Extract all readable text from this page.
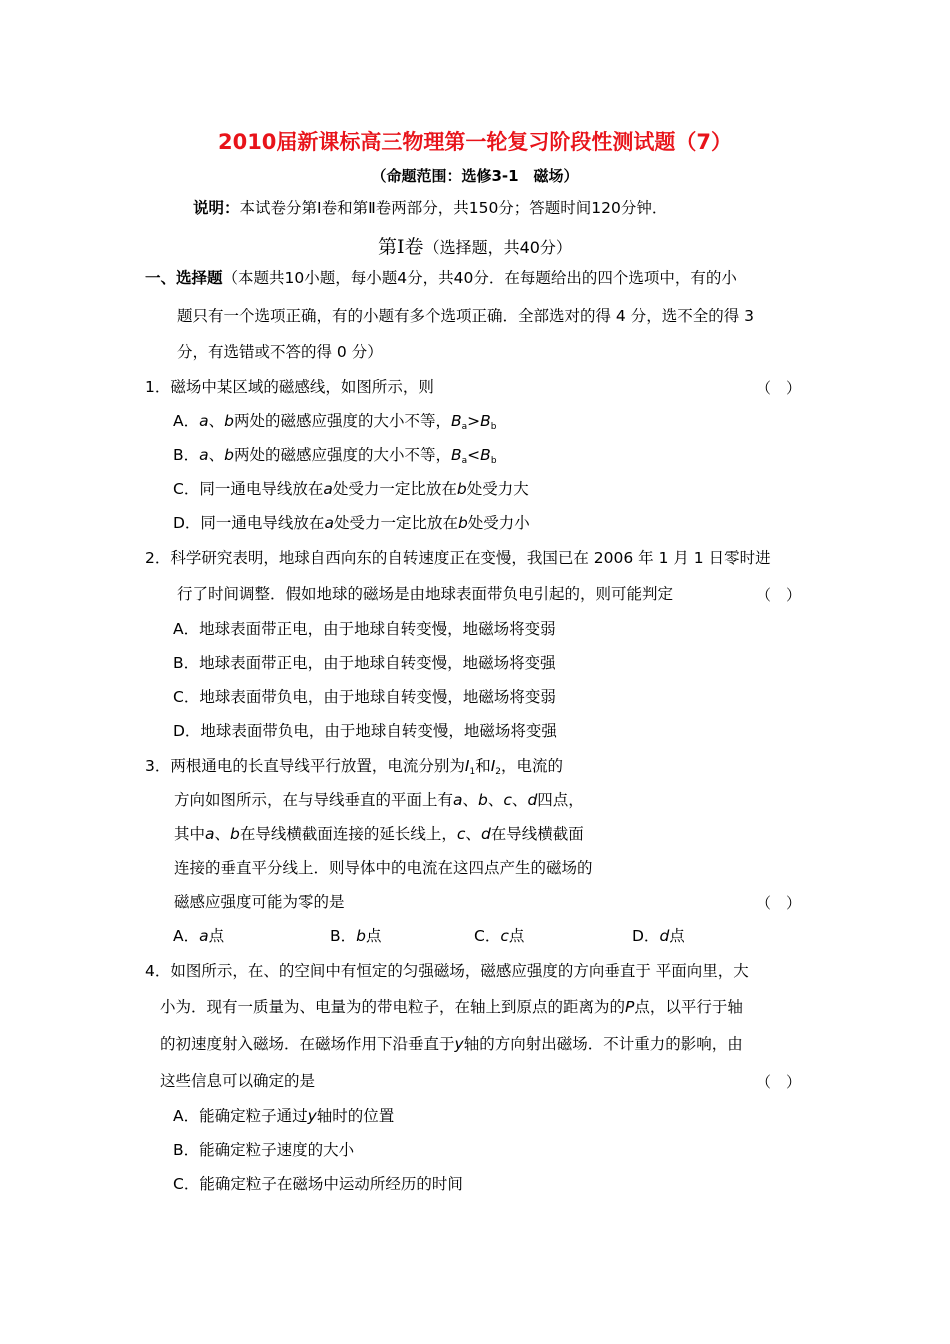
2010届新课标高三物理第一轮复习阶段性测试题（7）
（命题范围：选修3-1　磁场）
说明：本试卷分第Ⅰ卷和第Ⅱ卷两部分，共150分；答题时间120分钟．
第Ⅰ卷（选择题，共40分）
一、选择题（本题共10小题，每小题4分，共40分．在每题给出的四个选项中，有的小
题只有一个选项正确，有的小题有多个选项正确．全部选对的得 4 分，选不全的得 3
分，有选错或不答的得 0 分）
1．磁场中某区域的磁感线，如图所示，则	（　）
A．a、b两处的磁感应强度的大小不等，$B_a>B_b$
B．a、b两处的磁感应强度的大小不等，$B_a<B_b$
C．同一通电导线放在a处受力一定比放在b处受力大
D．同一通电导线放在a处受力一定比放在b处受力小
2．科学研究表明，地球自西向东的自转速度正在变慢，我国已在 2006 年 1 月 1 日零时进
行了时间调整．假如地球的磁场是由地球表面带负电引起的，则可能判定	（　）
A．地球表面带正电，由于地球自转变慢，地磁场将变弱
B．地球表面带正电，由于地球自转变慢，地磁场将变强
C．地球表面带负电，由于地球自转变慢，地磁场将变弱
D．地球表面带负电，由于地球自转变慢，地磁场将变强
3．两根通电的长直导线平行放置，电流分别为$I_1$和$I_2$，电流的
方向如图所示，在与导线垂直的平面上有a、b、c、d四点，
其中a、b在导线横截面连接的延长线上，c、d在导线横截面
连接的垂直平分线上．则导体中的电流在这四点产生的磁场的
磁感应强度可能为零的是	（　）
A．a点	B．b点	C．c点	D．d点
4．如图所示，在、的空间中有恒定的匀强磁场，磁感应强度的方向垂直于 平面向里，大
小为．现有一质量为、电量为的带电粒子，在轴上到原点的距离为的P点，以平行于轴
的初速度射入磁场．在磁场作用下沿垂直于y轴的方向射出磁场．不计重力的影响，由
这些信息可以确定的是	（　）
A．能确定粒子通过y轴时的位置
B．能确定粒子速度的大小
C．能确定粒子在磁场中运动所经历的时间
